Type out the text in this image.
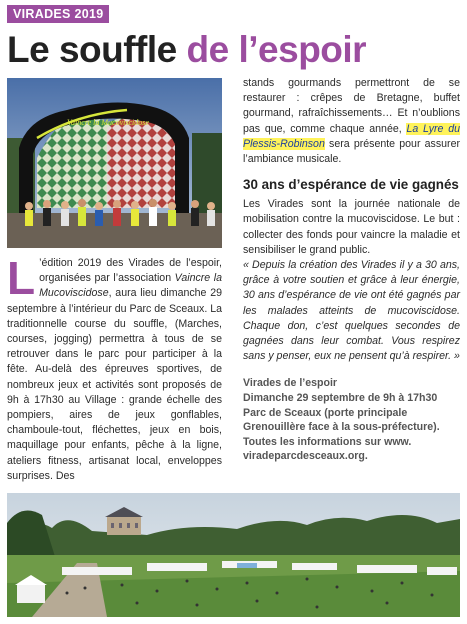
VIRADES 2019
Le souffle de l’espoir
Vaincre la Mucoviscidose

L ’édition 2019 des Virades de l’espoir, organisées par l’association Vaincre la Mucoviscidose, aura lieu dimanche 29 septembre à l’intérieur du Parc de Sceaux. La traditionnelle course du souffle, (Marches, courses, jogging) permettra à tous de se retrouver dans le parc pour participer à la fête. Au-delà des épreuves sportives, de nombreux jeux et activités sont proposés de 9h à 17h30 au Village : grande échelle des pompiers, aires de jeux gonflables, chamboule-tout, fléchettes, jeux en bois, maquillage pour enfants, pêche à la ligne, ateliers fitness, artisanat local, enveloppes surprises. Des

stands gourmands permettront de se restaurer : crêpes de Bretagne, buffet gourmand, rafraîchissements… Et n’oublions pas que, comme chaque année, La Lyre du Plessis-Robinson sera présente pour assurer l’ambiance musicale.

30 ans d’espérance de vie gagnés

Les Virades sont la journée nationale de mobilisation contre la mucoviscidose. Le but : collecter des fonds pour vaincre la maladie et sensibiliser le grand public.

« Depuis la création des Virades il y a 30 ans, grâce à votre soutien et grâce à leur énergie, 30 ans d’espérance de vie ont été gagnés par les malades atteints de mucoviscidose. Chaque don, c’est quelques secondes de gagnées dans leur combat. Vous respirez sans y penser, eux ne pensent qu’à respirer. »

Virades de l’espoir
Dimanche 29 septembre de 9h à 17h30
Parc de Sceaux (porte principale
Grenouillère face à la sous-préfecture).
Toutes les informations sur www.
viradeparcdesceaux.org.
